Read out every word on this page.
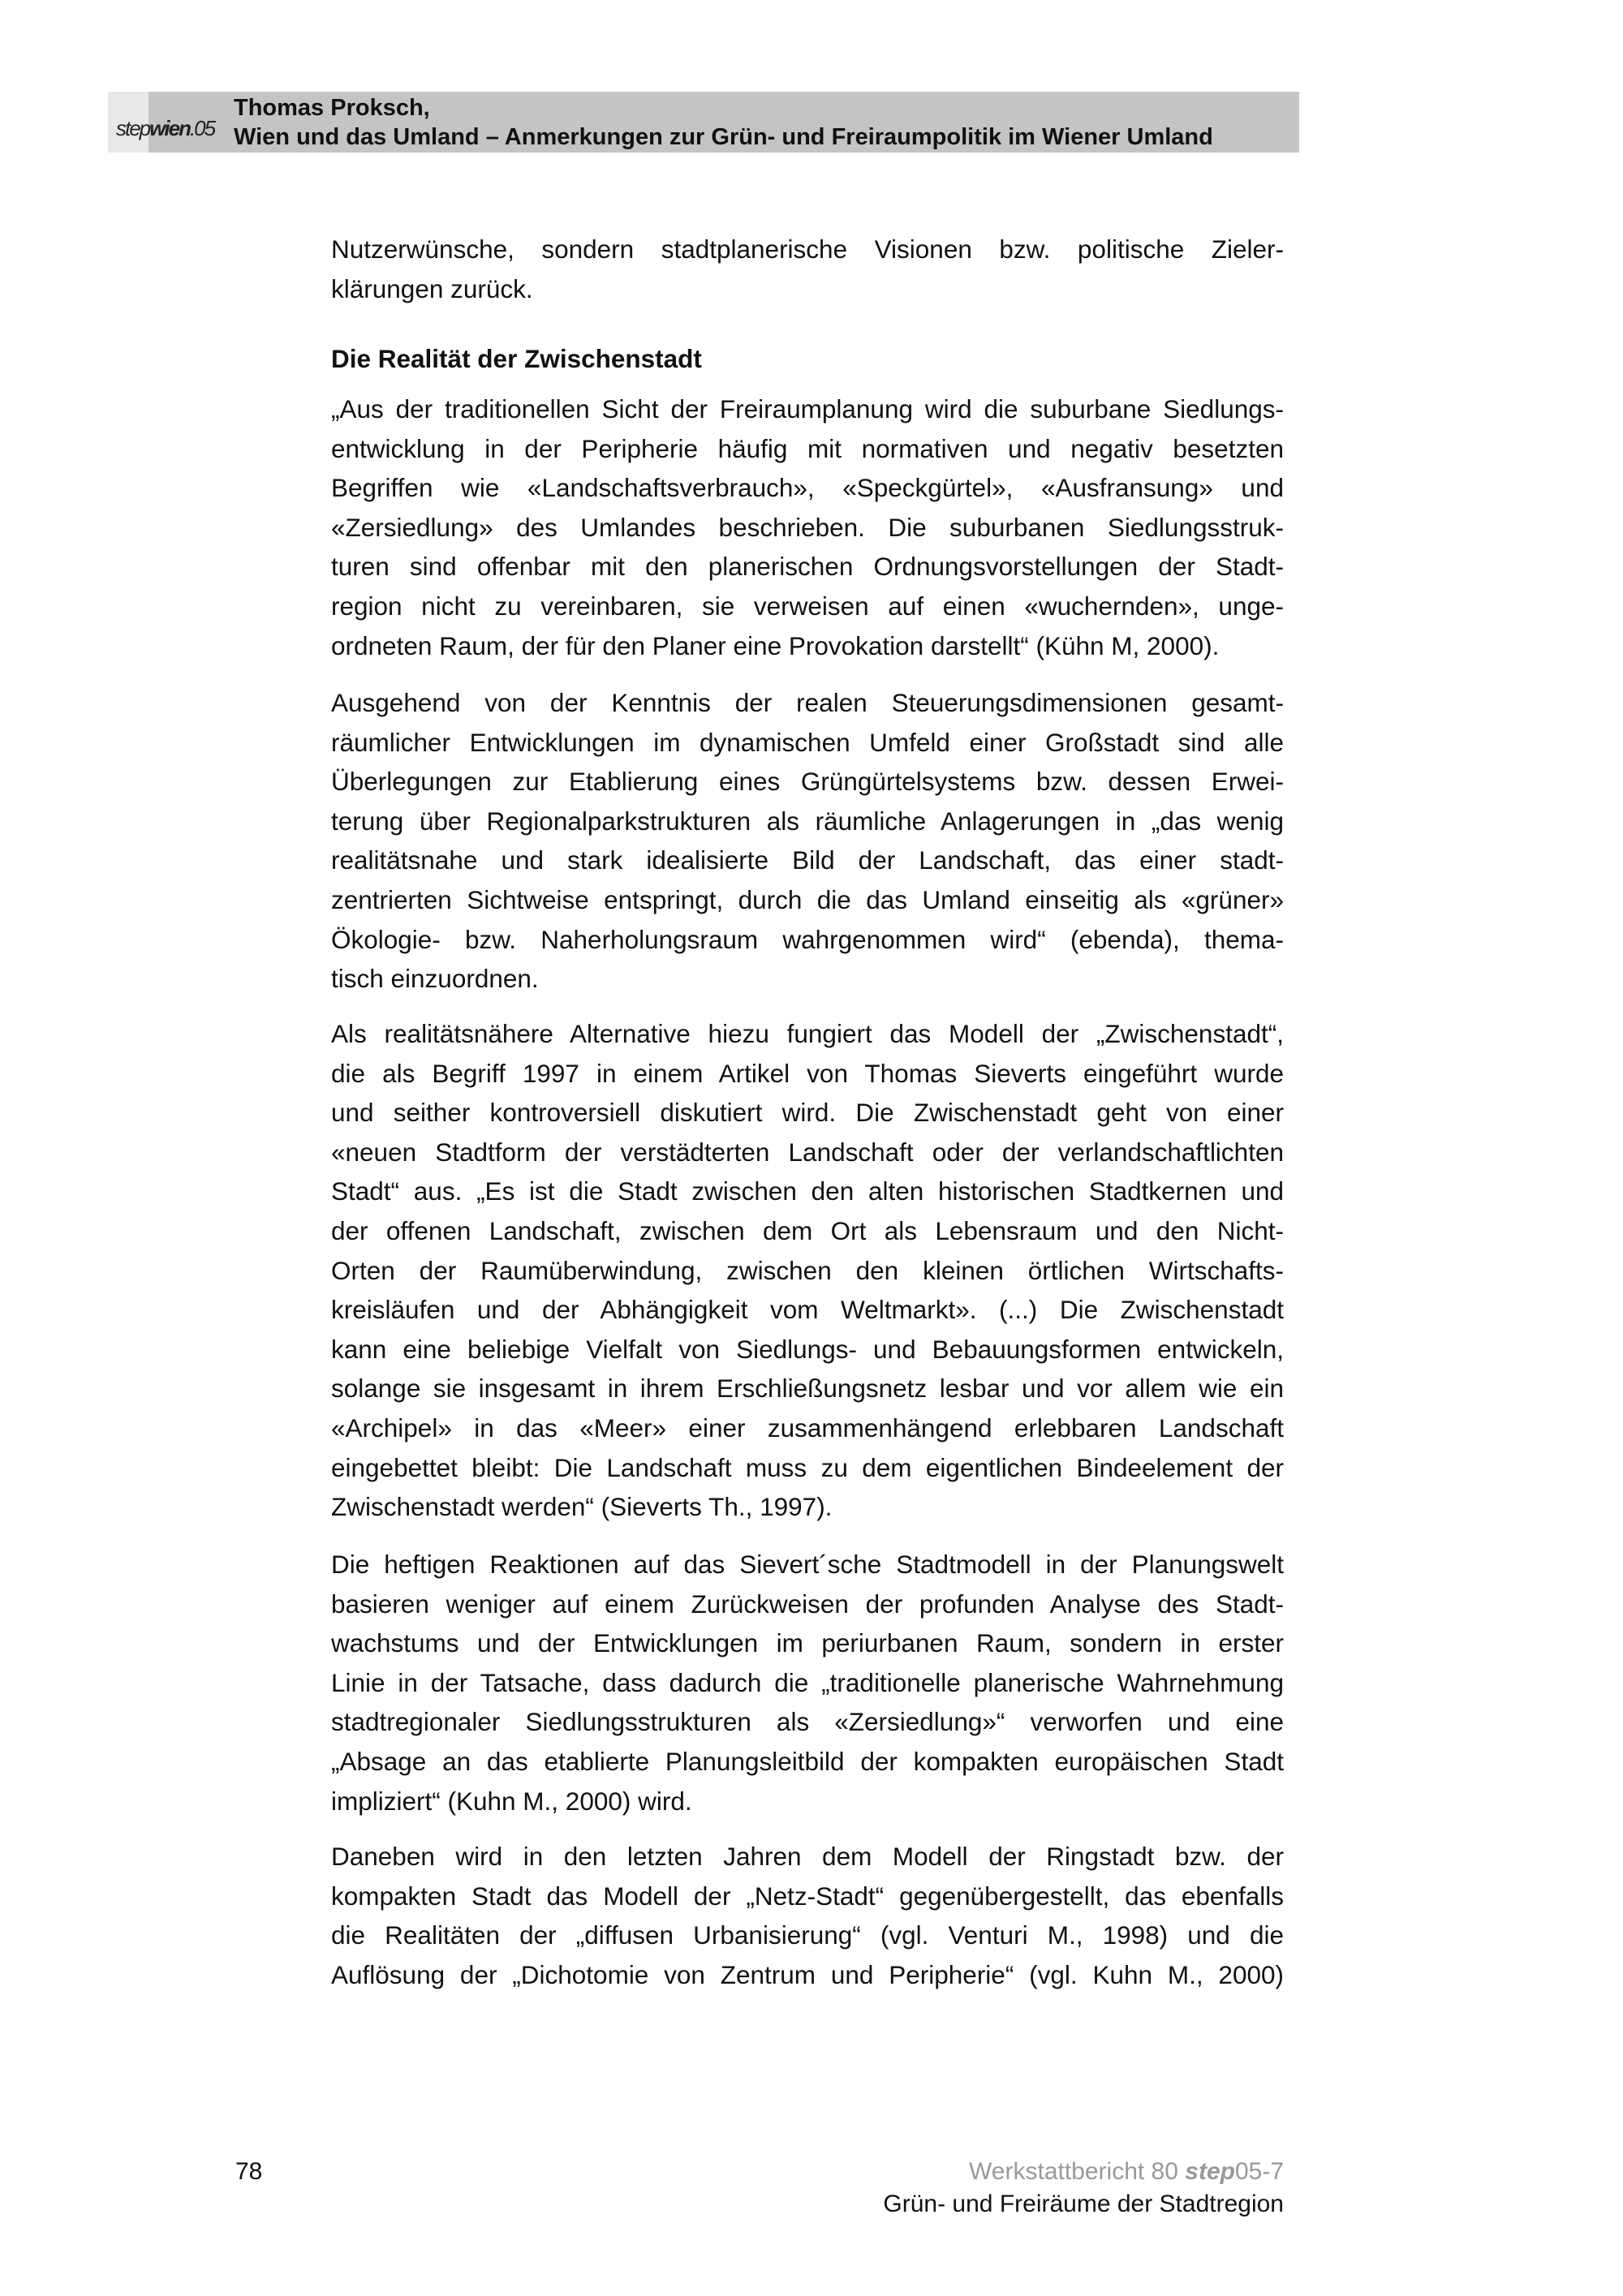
stepwien.05
Thomas Proksch,
Wien und das Umland – Anmerkungen zur Grün- und Freiraumpolitik im Wiener Umland
Nutzerwünsche, sondern stadtplanerische Visionen bzw. politische Zieler-
klärungen zurück.
Die Realität der Zwischenstadt
„Aus der traditionellen Sicht der Freiraumplanung wird die suburbane Siedlungs-
entwicklung in der Peripherie häufig mit normativen und negativ besetzten
Begriffen wie «Landschaftsverbrauch», «Speckgürtel», «Ausfransung» und
«Zersiedlung» des Umlandes beschrieben. Die suburbanen Siedlungsstruk-
turen sind offenbar mit den planerischen Ordnungsvorstellungen der Stadt-
region nicht zu vereinbaren, sie verweisen auf einen «wuchernden», unge-
ordneten Raum, der für den Planer eine Provokation darstellt“ (Kühn M, 2000).
Ausgehend von der Kenntnis der realen Steuerungsdimensionen gesamt-
räumlicher Entwicklungen im dynamischen Umfeld einer Großstadt sind alle
Überlegungen zur Etablierung eines Grüngürtelsystems bzw. dessen Erwei-
terung über Regionalparkstrukturen als räumliche Anlagerungen in „das wenig
realitätsnahe und stark idealisierte Bild der Landschaft, das einer stadt-
zentrierten Sichtweise entspringt, durch die das Umland einseitig als «grüner»
Ökologie- bzw. Naherholungsraum wahrgenommen wird“ (ebenda), thema-
tisch einzuordnen.
Als realitätsnähere Alternative hiezu fungiert das Modell der „Zwischenstadt“,
die als Begriff 1997 in einem Artikel von Thomas Sieverts eingeführt wurde
und seither kontroversiell diskutiert wird. Die Zwischenstadt geht von einer
«neuen Stadtform der verstädterten Landschaft oder der verlandschaftlichten
Stadt“ aus. „Es ist die Stadt zwischen den alten historischen Stadtkernen und
der offenen Landschaft, zwischen dem Ort als Lebensraum und den Nicht-
Orten der Raumüberwindung, zwischen den kleinen örtlichen Wirtschafts-
kreisläufen und der Abhängigkeit vom Weltmarkt». (...) Die Zwischenstadt
kann eine beliebige Vielfalt von Siedlungs- und Bebauungsformen entwickeln,
solange sie insgesamt in ihrem Erschließungsnetz lesbar und vor allem wie ein
«Archipel» in das «Meer» einer zusammenhängend erlebbaren Landschaft
eingebettet bleibt: Die Landschaft muss zu dem eigentlichen Bindeelement der
Zwischenstadt werden“ (Sieverts Th., 1997).
Die heftigen Reaktionen auf das Sievert´sche Stadtmodell in der Planungswelt
basieren weniger auf einem Zurückweisen der profunden Analyse des Stadt-
wachstums und der Entwicklungen im periurbanen Raum, sondern in erster
Linie in der Tatsache, dass dadurch die „traditionelle planerische Wahrnehmung
stadtregionaler Siedlungsstrukturen als «Zersiedlung»“ verworfen und eine
„Absage an das etablierte Planungsleitbild der kompakten europäischen Stadt
impliziert“ (Kuhn M., 2000) wird.
Daneben wird in den letzten Jahren dem Modell der Ringstadt bzw. der
kompakten Stadt das Modell der „Netz-Stadt“ gegenübergestellt, das ebenfalls
die Realitäten der „diffusen Urbanisierung“ (vgl. Venturi M., 1998) und die
Auflösung der „Dichotomie von Zentrum und Peripherie“ (vgl. Kuhn M., 2000)
78	Werkstattbericht 80 step05-7
Grün- und Freiräume der Stadtregion
